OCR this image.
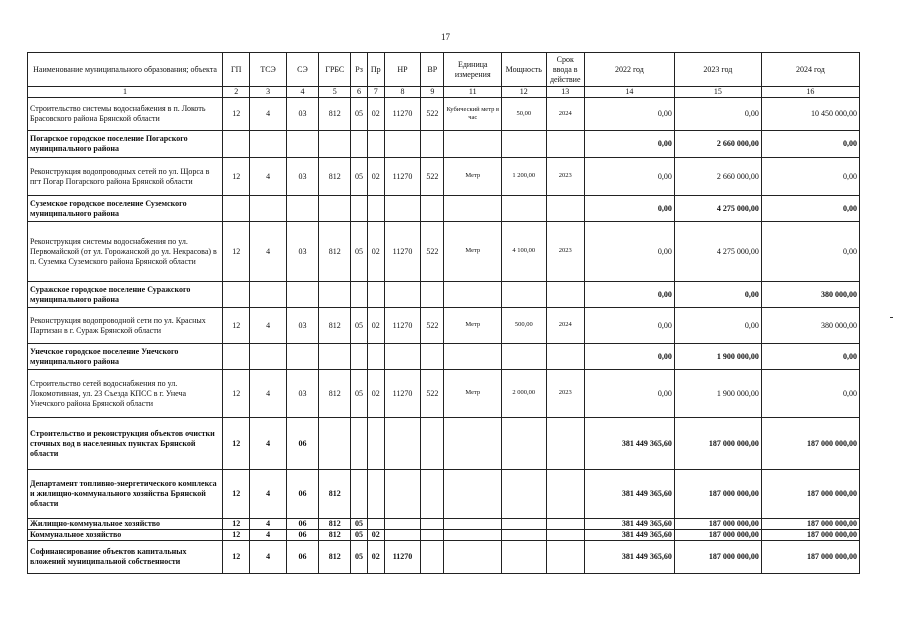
17
Наименование муниципального образования; объекта	ГП	ТСЭ	СЭ	ГРБС	Рз	Пр	НР	ВР	Единица измерения	Мощность	Срок ввода в действие	2022 год	2023 год	2024 год
1	2	3	4	5	6	7	8	9	11	12	13	14	15	16
Строительство системы водоснабжения в п. Локоть Брасовского района Брянской области	12	4	03	812	05	02	11270	522	Кубический метр в час	50,00	2024	0,00	0,00	10 450 000,00
Погарское городское поселение Погарского муниципального района												0,00	2 660 000,00	0,00
Реконструкция водопроводных сетей по ул. Щорса в пгт Погар Погарского района Брянской области	12	4	03	812	05	02	11270	522	Метр	1 200,00	2023	0,00	2 660 000,00	0,00
Суземское городское поселение Суземского муниципального района												0,00	4 275 000,00	0,00
Реконструкция системы водоснабжения по ул. Первомайской (от ул. Горожанской до ул. Некрасова) в п. Суземка Суземского района Брянской области	12	4	03	812	05	02	11270	522	Метр	4 100,00	2023	0,00	4 275 000,00	0,00
Суражское городское поселение Суражского муниципального района												0,00	0,00	380 000,00
Реконструкция водопроводной сети по ул. Красных Партизан в г. Сураж Брянской области	12	4	03	812	05	02	11270	522	Метр	500,00	2024	0,00	0,00	380 000,00
Унечское городское поселение Унечского муниципального района												0,00	1 900 000,00	0,00
Строительство сетей водоснабжения по ул. Локомотивная, ул. 23 Съезда КПСС в г. Унеча Унечского района Брянской области	12	4	03	812	05	02	11270	522	Метр	2 000,00	2023	0,00	1 900 000,00	0,00
Строительство и реконструкция объектов очистки сточных вод в населенных пунктах Брянской области	12	4	06									381 449 365,60	187 000 000,00	187 000 000,00
Департамент топливно-энергетического комплекса и жилищно-коммунального хозяйства Брянской области	12	4	06	812								381 449 365,60	187 000 000,00	187 000 000,00
Жилищно-коммунальное хозяйство	12	4	06	812	05							381 449 365,60	187 000 000,00	187 000 000,00
Коммунальное хозяйство	12	4	06	812	05	02						381 449 365,60	187 000 000,00	187 000 000,00
Софинансирование объектов капитальных вложений муниципальной собственности	12	4	06	812	05	02	11270					381 449 365,60	187 000 000,00	187 000 000,00
